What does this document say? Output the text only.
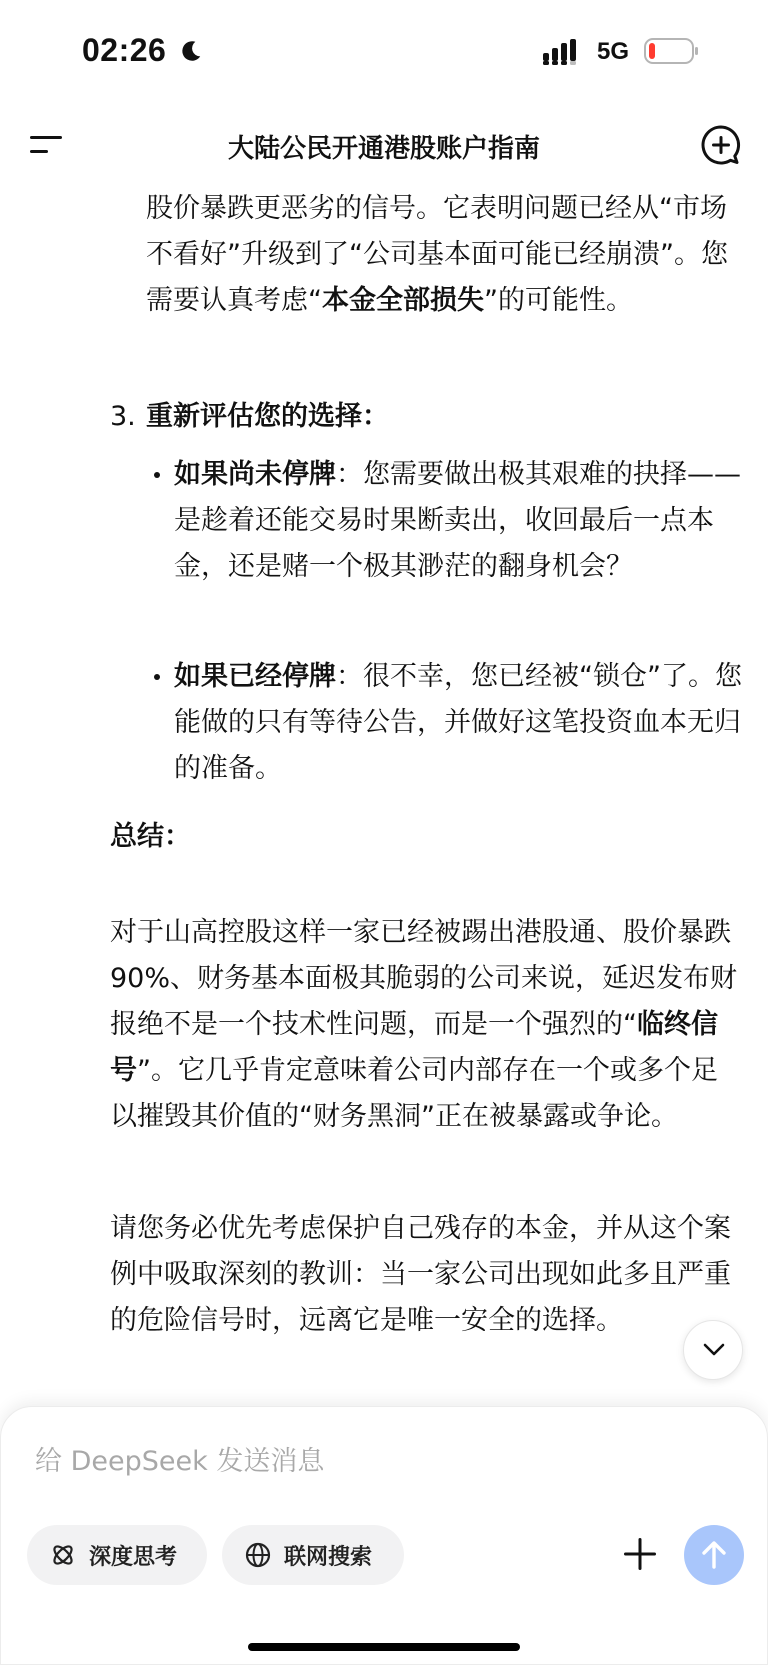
02:26	5G
大陆公民开通港股账户指南
股价暴跌更恶劣的信号。它表明问题已经从“市场不看好”升级到了“公司基本面可能已经崩溃”。您需要认真考虑“本金全部损失”的可能性。
3. 重新评估您的选择：
如果尚未停牌：您需要做出极其艰难的抉择——是趁着还能交易时果断卖出，收回最后一点本金，还是赌一个极其渺茫的翻身机会？
如果已经停牌：很不幸，您已经被“锁仓”了。您能做的只有等待公告，并做好这笔投资血本无归的准备。
总结：
对于山高控股这样一家已经被踢出港股通、股价暴跌90%、财务基本面极其脆弱的公司来说，延迟发布财报绝不是一个技术性问题，而是一个强烈的“临终信号”。它几乎肯定意味着公司内部存在一个或多个足以摧毁其价值的“财务黑洞”正在被暴露或争论。
请您务必优先考虑保护自己残存的本金，并从这个案例中吸取深刻的教训：当一家公司出现如此多且严重的危险信号时，远离它是唯一安全的选择。
给 DeepSeek 发送消息
深度思考	联网搜索
